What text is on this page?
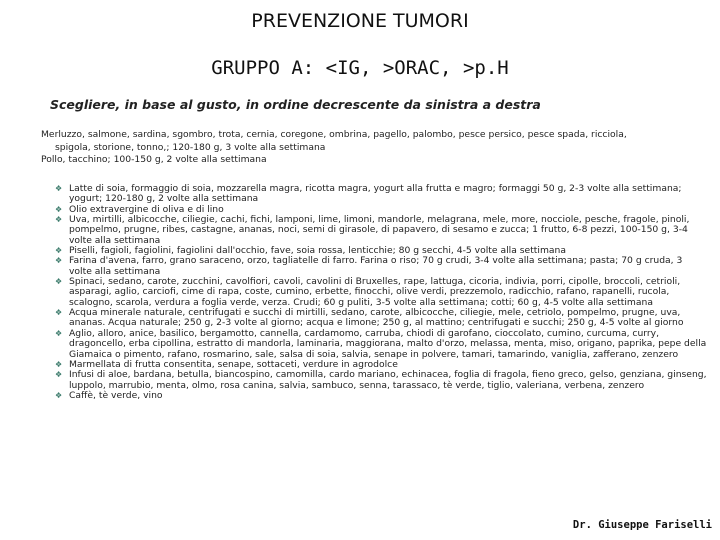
PREVENZIONE TUMORI
GRUPPO A: <IG, >ORAC, >p.H
Scegliere, in base al gusto, in ordine decrescente da sinistra a destra

Merluzzo, salmone, sardina, sgombro, trota, cernia, coregone, ombrina, pagello, palombo, pesce persico, pesce spada, ricciola,

spigola, storione, tonno,; 120-180 g, 3 volte alla settimana

Pollo, tacchino; 100-150 g, 2 volte alla settimana

❖ Latte di soia, formaggio di soia, mozzarella magra, ricotta magra, yogurt alla frutta e magro; formaggi 50 g, 2-3 volte alla settimana; yogurt; 120-180 g, 2 volte alla settimana
❖ Olio extravergine di oliva e di lino
❖ Uva, mirtilli, albicocche, ciliegie, cachi, fichi, lamponi, lime, limoni, mandorle, melagrana, mele, more, nocciole, pesche, fragole, pinoli, pompelmo, prugne, ribes, castagne, ananas, noci, semi di girasole, di papavero, di sesamo e zucca; 1 frutto, 6-8 pezzi, 100-150 g, 3-4 volte alla settimana
❖ Piselli, fagioli, fagiolini, fagiolini dall'occhio, fave, soia rossa, lenticchie; 80 g secchi, 4-5 volte alla settimana
❖ Farina d'avena, farro, grano saraceno, orzo, tagliatelle di farro. Farina o riso; 70 g crudi, 3-4 volte alla settimana; pasta; 70 g cruda, 3 volte alla settimana
❖ Spinaci, sedano, carote, zucchini, cavolfiori, cavoli, cavolini di Bruxelles, rape, lattuga, cicoria, indivia, porri, cipolle, broccoli, cetrioli, asparagi, aglio, carciofi, cime di rapa, coste, cumino, erbette, finocchi, olive verdi, prezzemolo, radicchio, rafano, rapanelli, rucola, scalogno, scarola, verdura a foglia verde, verza. Crudi; 60 g puliti, 3-5 volte alla settimana; cotti; 60 g, 4-5 volte alla settimana
❖ Acqua minerale naturale, centrifugati e succhi di mirtilli, sedano, carote, albicocche, ciliegie, mele, cetriolo, pompelmo, prugne, uva, ananas. Acqua naturale; 250 g, 2-3 volte al giorno; acqua e limone; 250 g, al mattino; centrifugati e succhi; 250 g, 4-5 volte al giorno
❖ Aglio, alloro, anice, basilico, bergamotto, cannella, cardamomo, carruba, chiodi di garofano, cioccolato, cumino, curcuma, curry, dragoncello, erba cipollina, estratto di mandorla, laminaria, maggiorana, malto d'orzo, melassa, menta, miso, origano, paprika, pepe della Giamaica o pimento, rafano, rosmarino, sale, salsa di soia, salvia, senape in polvere, tamari, tamarindo, vaniglia, zafferano, zenzero
❖ Marmellata di frutta consentita, senape, sottaceti, verdure in agrodolce
❖ Infusi di aloe, bardana, betulla, biancospino, camomilla, cardo mariano, echinacea, foglia di fragola, fieno greco, gelso, genziana, ginseng, luppolo, marrubio, menta, olmo, rosa canina, salvia, sambuco, senna, tarassaco, tè verde, tiglio, valeriana, verbena, zenzero
❖ Caffè, tè verde, vino
Dr. Giuseppe Fariselli
